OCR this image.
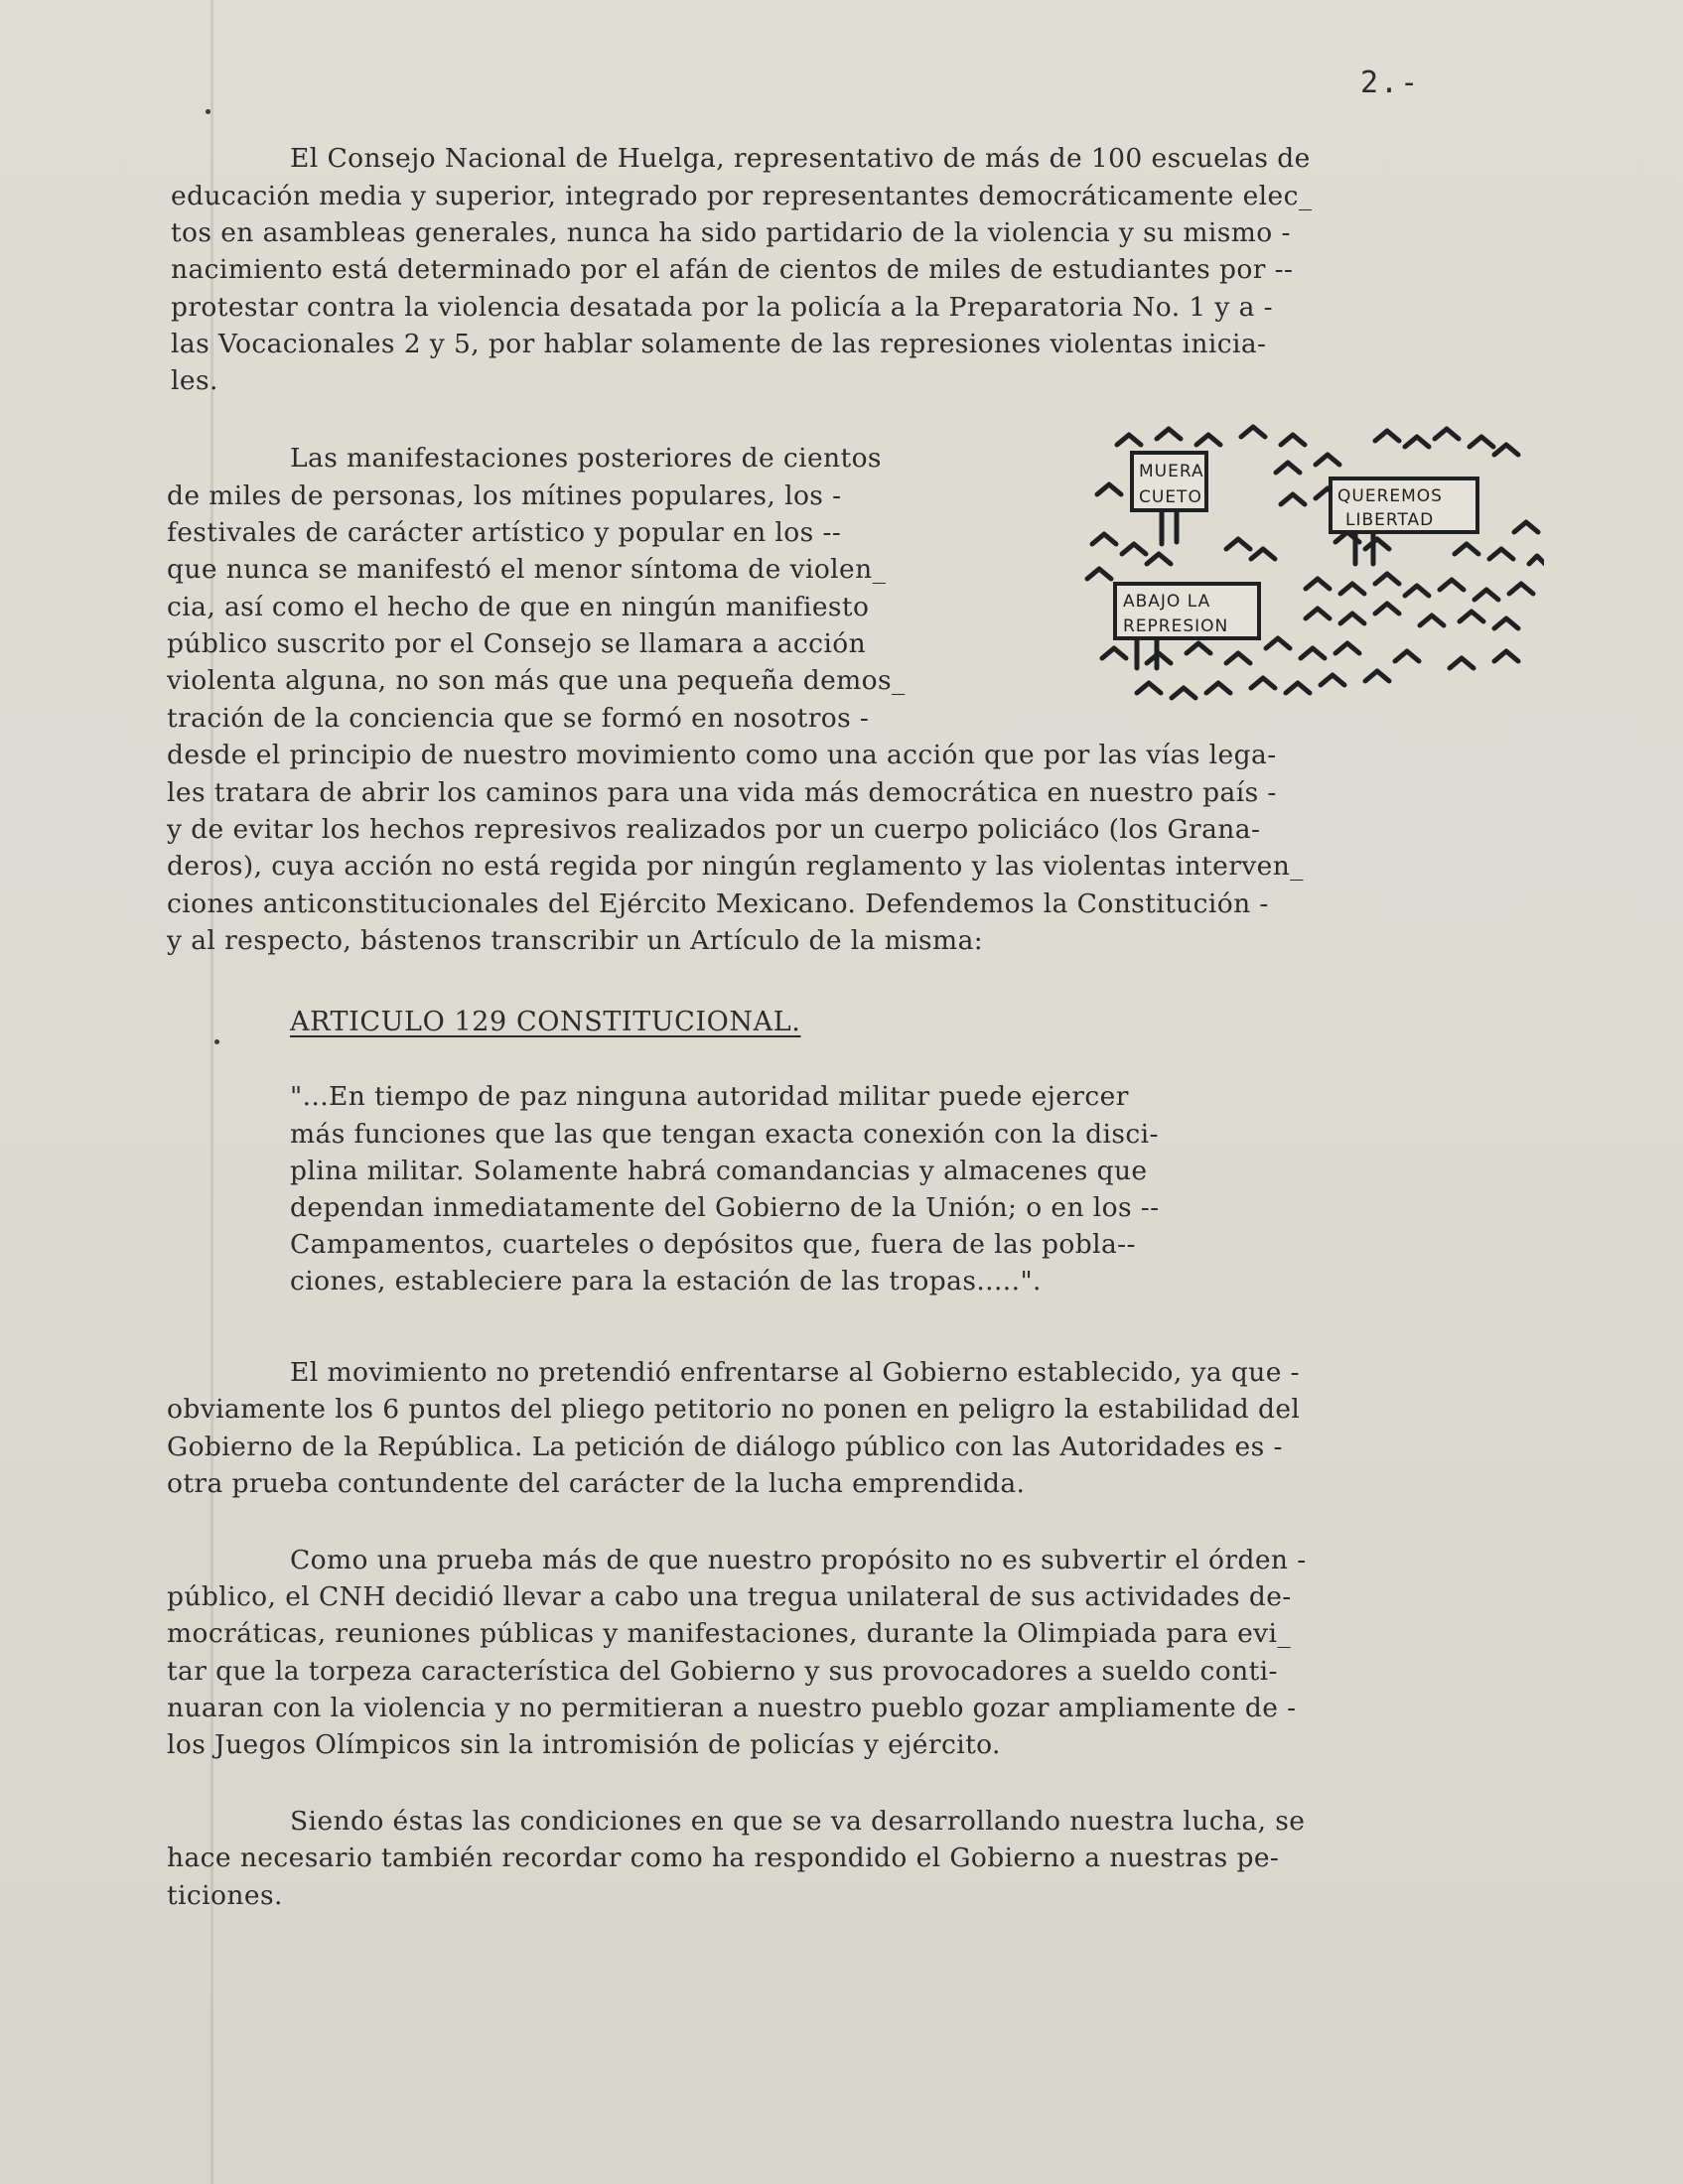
2.-
El Consejo Nacional de Huelga, representativo de más de 100 escuelas de
educación media y superior, integrado por representantes democráticamente elec_
tos en asambleas generales, nunca ha sido partidario de la violencia y su mismo -
nacimiento está determinado por el afán de cientos de miles de estudiantes por --
protestar contra la violencia desatada por la policía a la Preparatoria No. 1 y a -
las Vocacionales 2 y 5, por hablar solamente de las represiones violentas inicia-
les.
Las manifestaciones posteriores de cientos
de miles de personas, los mítines populares, los -
festivales de carácter artístico y popular en los --
que nunca se manifestó el menor síntoma de violen_
cia, así como el hecho de que en ningún manifiesto
público suscrito por el Consejo se llamara a acción
violenta alguna, no son más que una pequeña demos_
tración de la conciencia que se formó en nosotros -
desde el principio de nuestro movimiento como una acción que por las vías lega-
les tratara de abrir los caminos para una vida más democrática en nuestro país -
y de evitar los hechos represivos realizados por un cuerpo policiáco (los Grana-
deros), cuya acción no está regida por ningún reglamento y las violentas interven_
ciones anticonstitucionales del Ejército Mexicano. Defendemos la Constitución -
y al respecto, bástenos transcribir un Artículo de la misma:
MUERA
CUETO	QUEREMOS
LIBERTAD
ABAJO LA
REPRESION
ARTICULO 129 CONSTITUCIONAL.
"...En tiempo de paz ninguna autoridad militar puede ejercer
más funciones que las que tengan exacta conexión con la disci-
plina militar. Solamente habrá comandancias y almacenes que
dependan inmediatamente del Gobierno de la Unión; o en los --
Campamentos, cuarteles o depósitos que, fuera de las pobla--
ciones, estableciere para la estación de las tropas.....".
El movimiento no pretendió enfrentarse al Gobierno establecido, ya que -
obviamente los 6 puntos del pliego petitorio no ponen en peligro la estabilidad del
Gobierno de la República. La petición de diálogo público con las Autoridades es -
otra prueba contundente del carácter de la lucha emprendida.
Como una prueba más de que nuestro propósito no es subvertir el órden -
público, el CNH decidió llevar a cabo una tregua unilateral de sus actividades de-
mocráticas, reuniones públicas y manifestaciones, durante la Olimpiada para evi_
tar que la torpeza característica del Gobierno y sus provocadores a sueldo conti-
nuaran con la violencia y no permitieran a nuestro pueblo gozar ampliamente de -
los Juegos Olímpicos sin la intromisión de policías y ejército.
Siendo éstas las condiciones en que se va desarrollando nuestra lucha, se
hace necesario también recordar como ha respondido el Gobierno a nuestras pe-
ticiones.
